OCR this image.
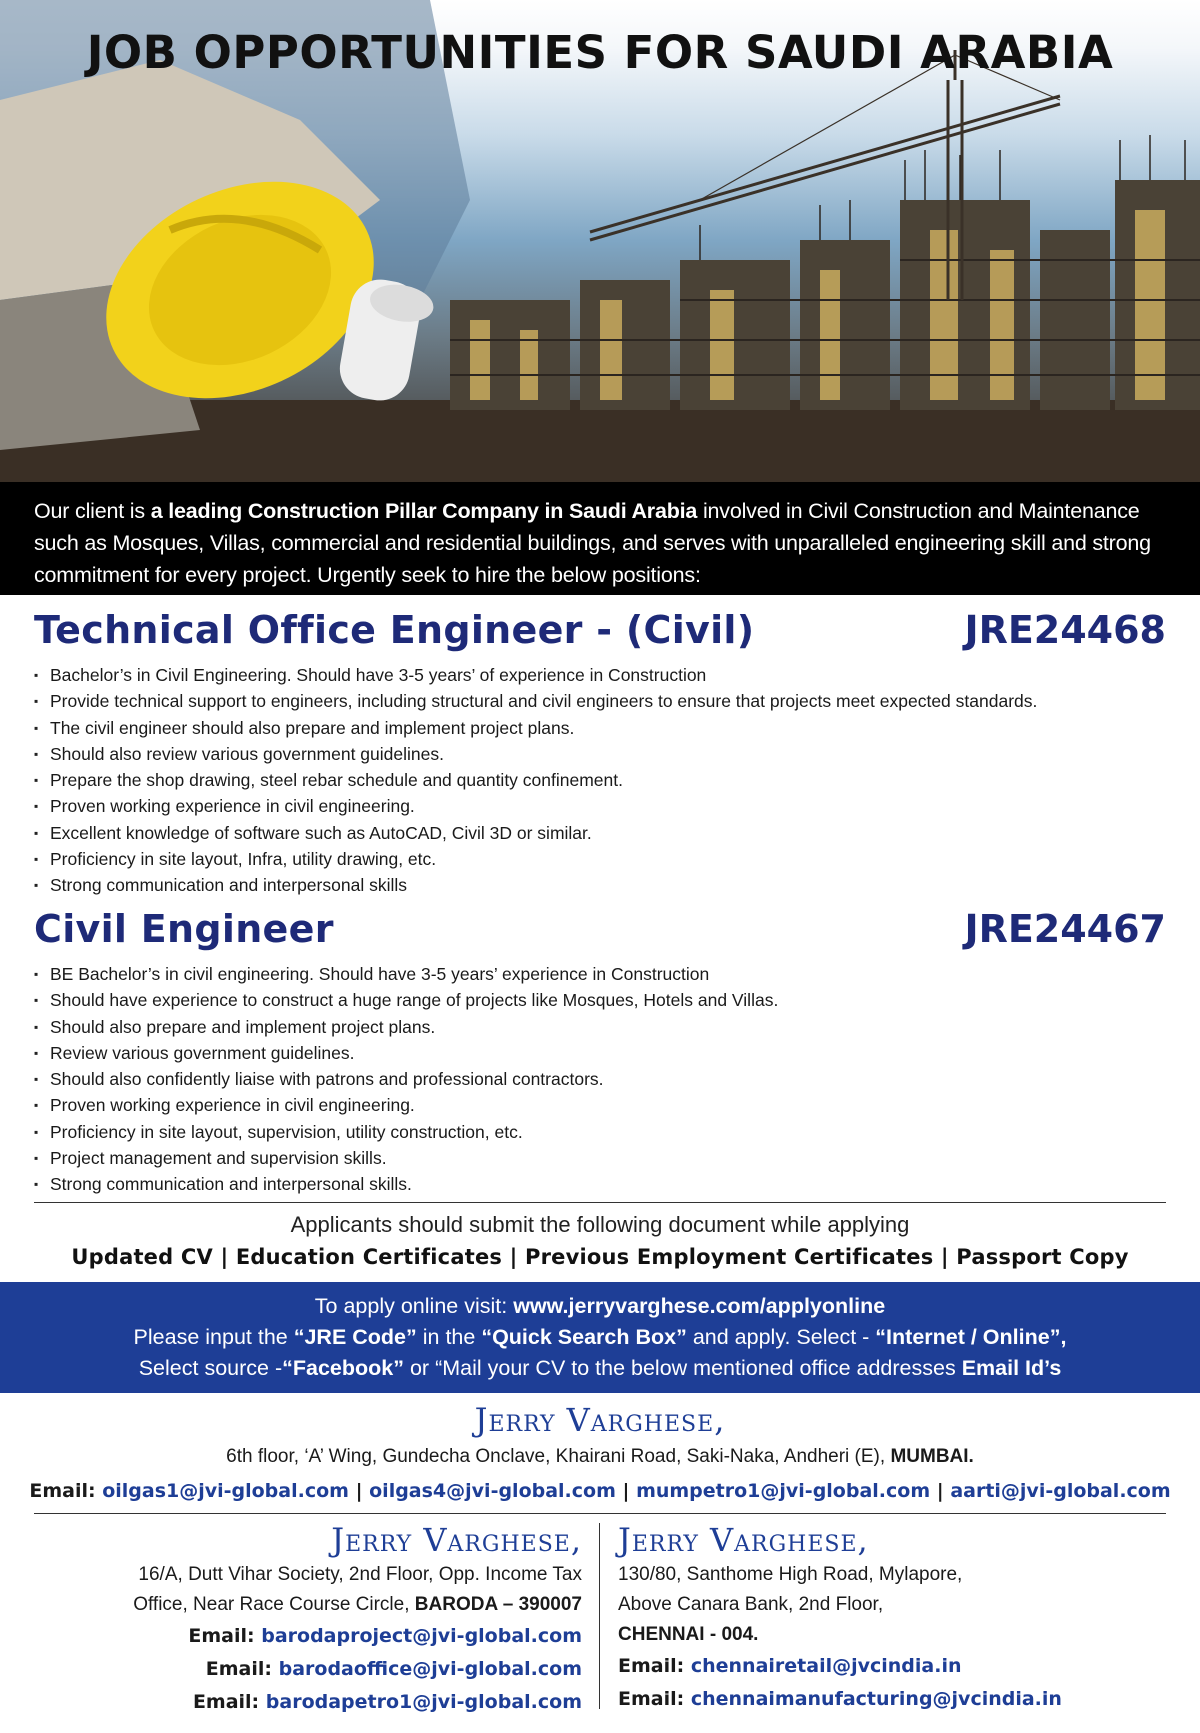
JOB OPPORTUNITIES FOR SAUDI ARABIA
Our client is a leading Construction Pillar Company in Saudi Arabia involved in Civil Construction and Maintenance such as Mosques, Villas, commercial and residential buildings, and serves with unparalleled engineering skill and strong commitment for every project. Urgently seek to hire the below positions:
Technical Office Engineer - (Civil)	JRE24468
▪ Bachelor’s in Civil Engineering. Should have 3-5 years’ of experience in Construction
▪ Provide technical support to engineers, including structural and civil engineers to ensure that projects meet expected standards.
▪ The civil engineer should also prepare and implement project plans.
▪ Should also review various government guidelines.
▪ Prepare the shop drawing, steel rebar schedule and quantity confinement.
▪ Proven working experience in civil engineering.
▪ Excellent knowledge of software such as AutoCAD, Civil 3D or similar.
▪ Proficiency in site layout, Infra, utility drawing, etc.
▪ Strong communication and interpersonal skills
Civil Engineer	JRE24467
▪ BE Bachelor’s in civil engineering. Should have 3-5 years’ experience in Construction
▪ Should have experience to construct a huge range of projects like Mosques, Hotels and Villas.
▪ Should also prepare and implement project plans.
▪ Review various government guidelines.
▪ Should also confidently liaise with patrons and professional contractors.
▪ Proven working experience in civil engineering.
▪ Proficiency in site layout, supervision, utility construction, etc.
▪ Project management and supervision skills.
▪ Strong communication and interpersonal skills.
Applicants should submit the following document while applying
Updated CV | Education Certificates | Previous Employment Certificates | Passport Copy
To apply online visit: www.jerryvarghese.com/applyonline
Please input the “JRE Code” in the “Quick Search Box” and apply. Select - “Internet / Online”,
Select source -“Facebook” or “Mail your CV to the below mentioned office addresses Email Id’s
Jerry Varghese,
6th floor, ‘A’ Wing, Gundecha Onclave, Khairani Road, Saki-Naka, Andheri (E), MUMBAI.
Email: oilgas1@jvi-global.com | oilgas4@jvi-global.com | mumpetro1@jvi-global.com | aarti@jvi-global.com
Jerry Varghese,
16/A, Dutt Vihar Society, 2nd Floor, Opp. Income Tax
Office, Near Race Course Circle, BARODA – 390007
Email: barodaproject@jvi-global.com
Email: barodaoffice@jvi-global.com
Email: barodapetro1@jvi-global.com
Jerry Varghese,
130/80, Santhome High Road, Mylapore,
Above Canara Bank, 2nd Floor,
CHENNAI - 004.
Email: chennairetail@jvcindia.in
Email: chennaimanufacturing@jvcindia.in
